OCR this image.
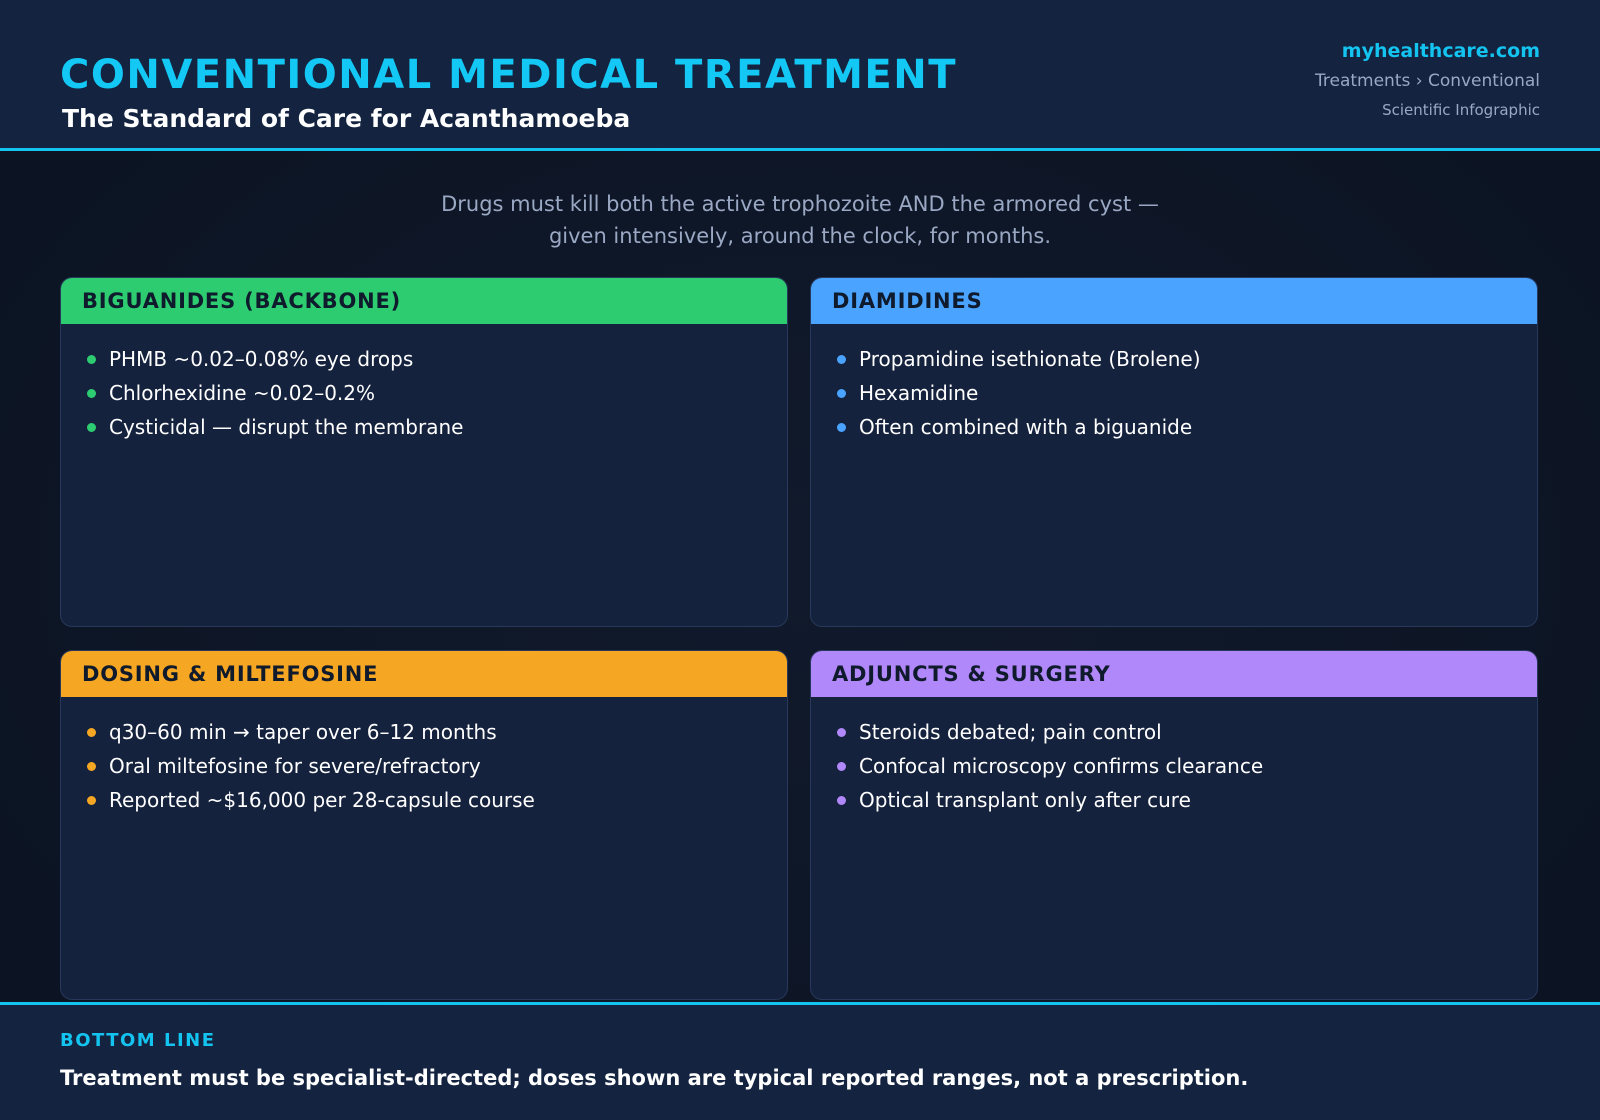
CONVENTIONAL MEDICAL TREATMENT
The Standard of Care for Acanthamoeba
myhealthcare.com
Treatments › Conventional
Scientific Infographic
Drugs must kill both the active trophozoite AND the armored cyst —
given intensively, around the clock, for months.
BIGUANIDES (BACKBONE)
PHMB ~0.02–0.08% eye drops
Chlorhexidine ~0.02–0.2%
Cysticidal — disrupt the membrane
DIAMIDINES
Propamidine isethionate (Brolene)
Hexamidine
Often combined with a biguanide
DOSING & MILTEFOSINE
q30–60 min → taper over 6–12 months
Oral miltefosine for severe/refractory
Reported ~$16,000 per 28-capsule course
ADJUNCTS & SURGERY
Steroids debated; pain control
Confocal microscopy confirms clearance
Optical transplant only after cure
BOTTOM LINE
Treatment must be specialist-directed; doses shown are typical reported ranges, not a prescription.
